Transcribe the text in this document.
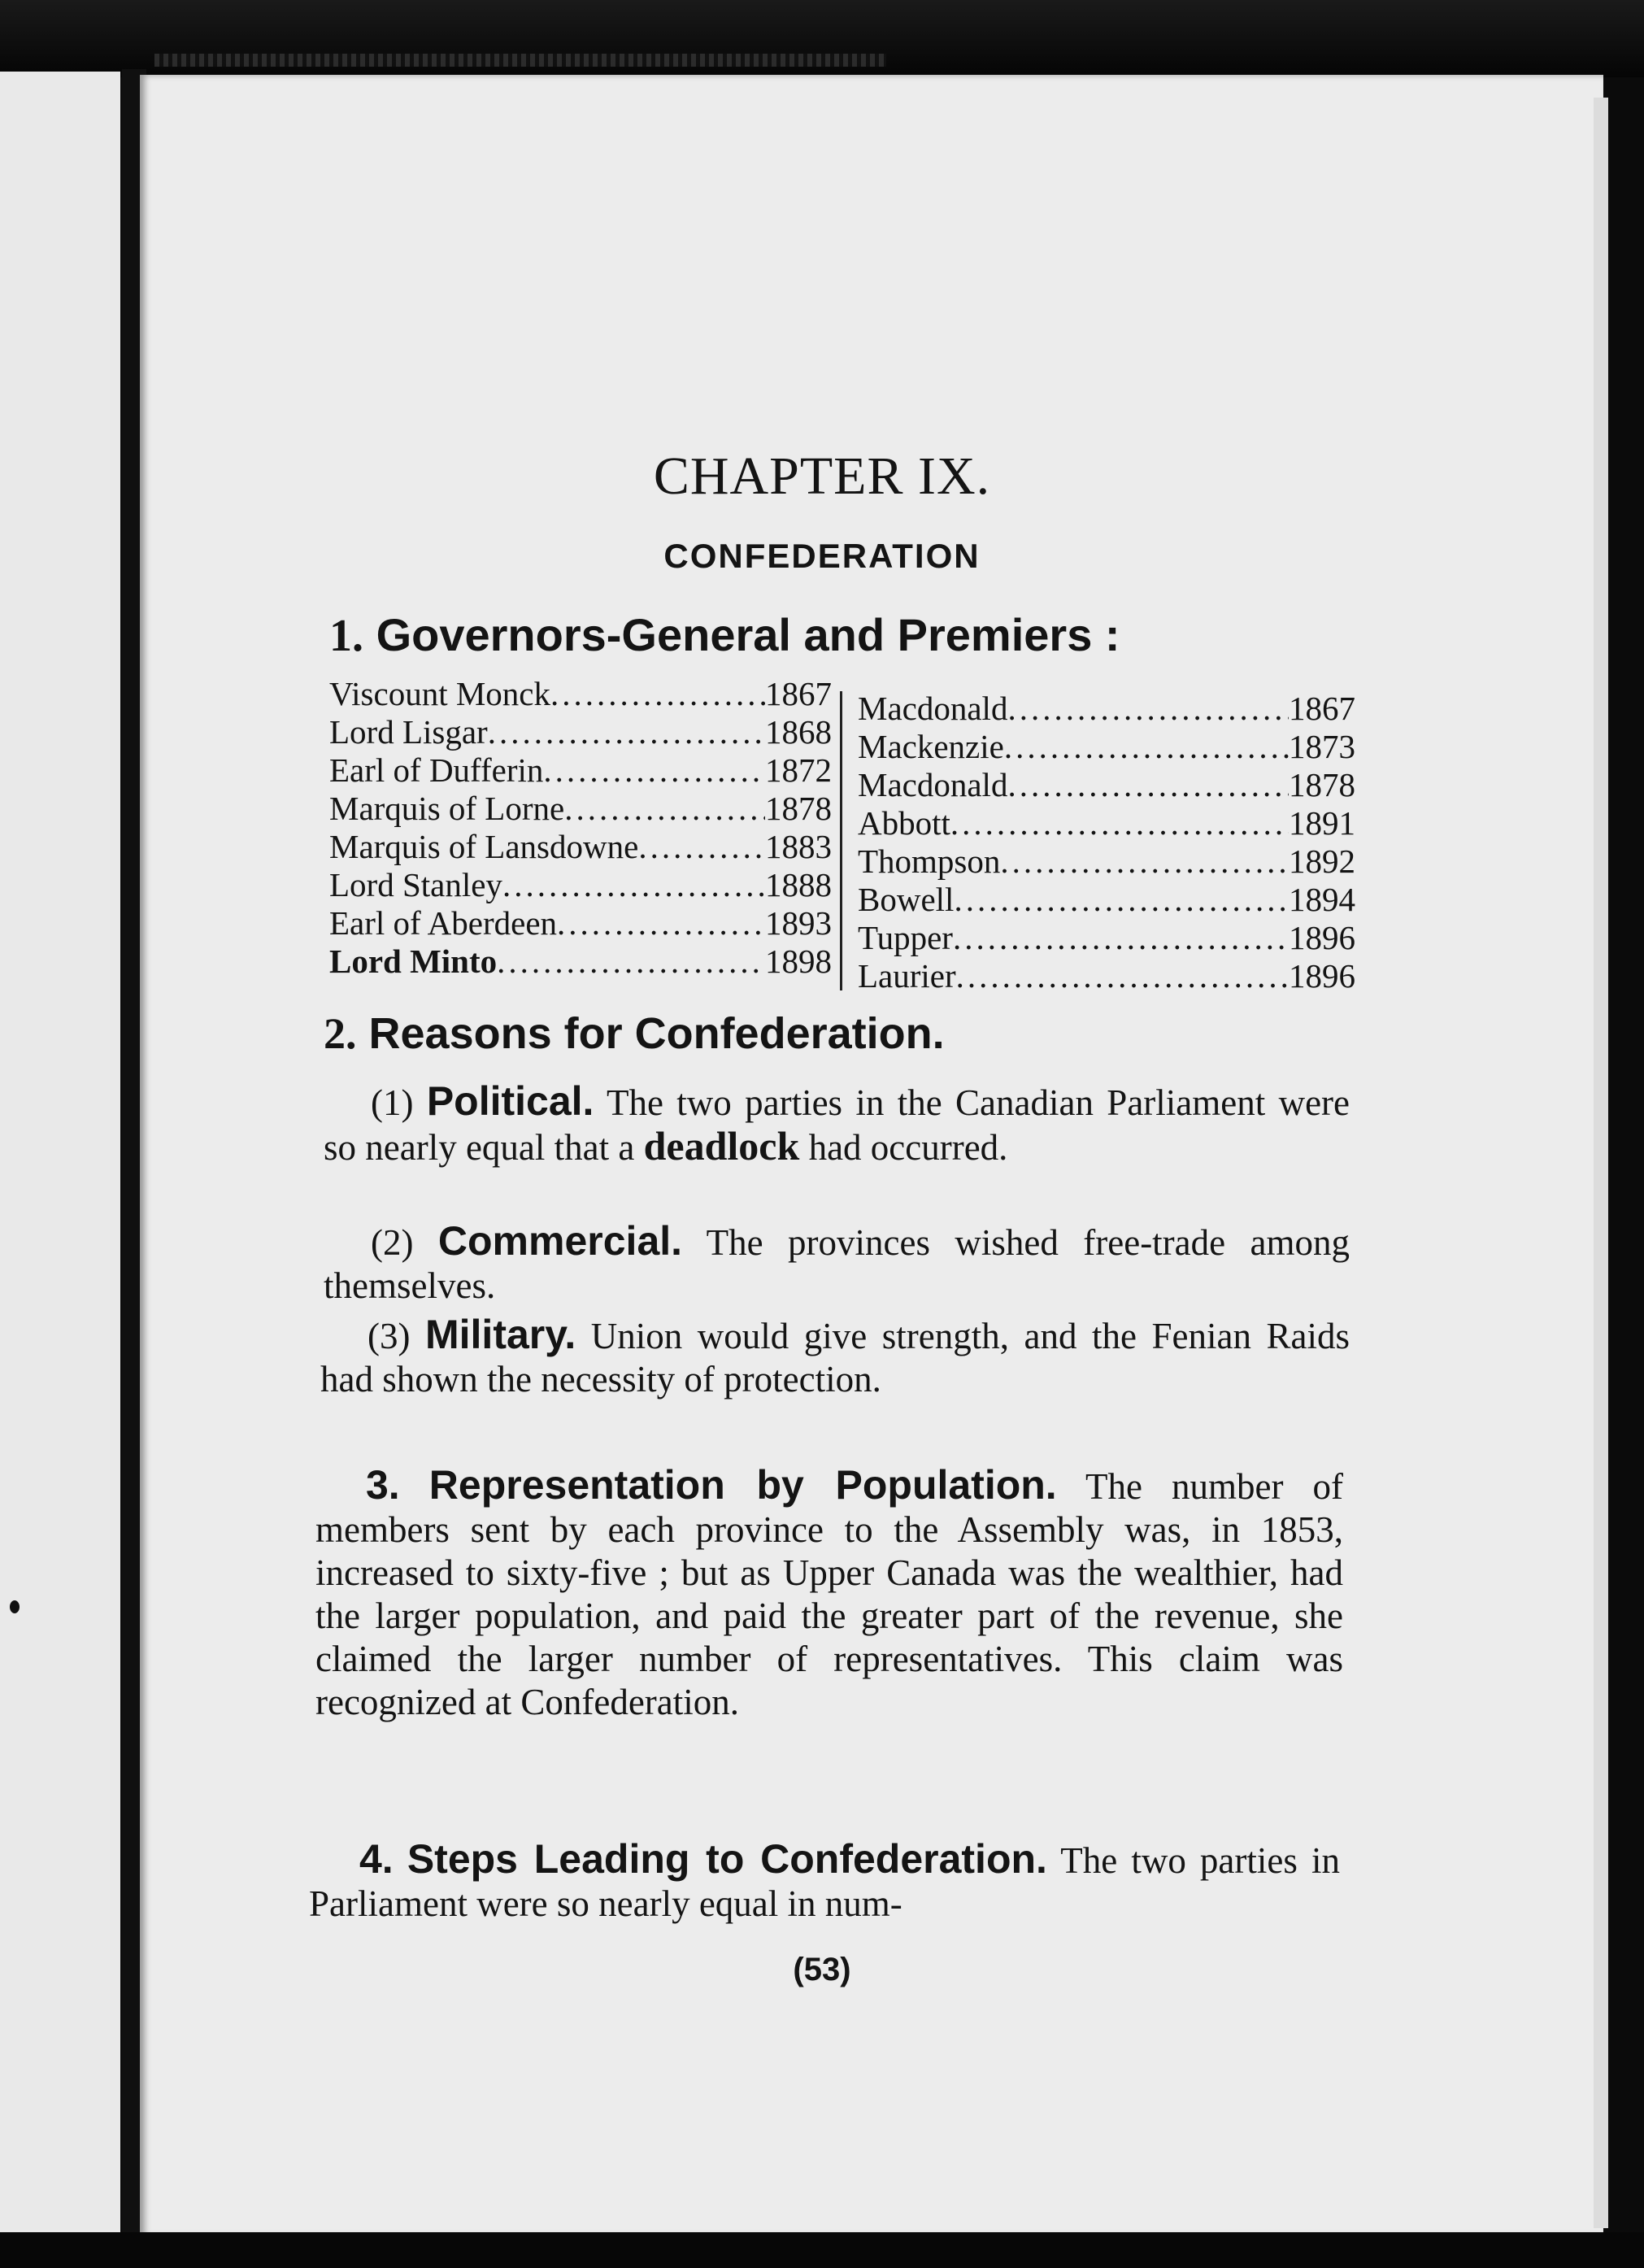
CHAPTER IX.
CONFEDERATION
1. Governors-General and Premiers :
Viscount Monck .....	1867
Lord Lisgar .....	1868
Earl of Dufferin .....	1872
Marquis of Lorne .....	1878
Marquis of Lansdowne .....	1883
Lord Stanley .....	1888
Earl of Aberdeen .....	1893
Lord Minto .....	1898
Macdonald .....	1867
Mackenzie .....	1873
Macdonald .....	1878
Abbott .....	1891
Thompson .....	1892
Bowell .....	1894
Tupper .....	1896
Laurier .....	1896
2. Reasons for Confederation.

(1) Political. The two parties in the Canadian Parliament were so nearly equal that a deadlock had occurred.

(2) Commercial. The provinces wished free-trade among themselves.

(3) Military. Union would give strength, and the Fenian Raids had shown the necessity of protection.

3. Representation by Population. The number of members sent by each province to the Assembly was, in 1853, increased to sixty-five ; but as Upper Canada was the wealthier, had the larger population, and paid the greater part of the revenue, she claimed the larger number of representatives. This claim was recognized at Confederation.

4. Steps Leading to Confederation. The two parties in Parliament were so nearly equal in num-

(53)
